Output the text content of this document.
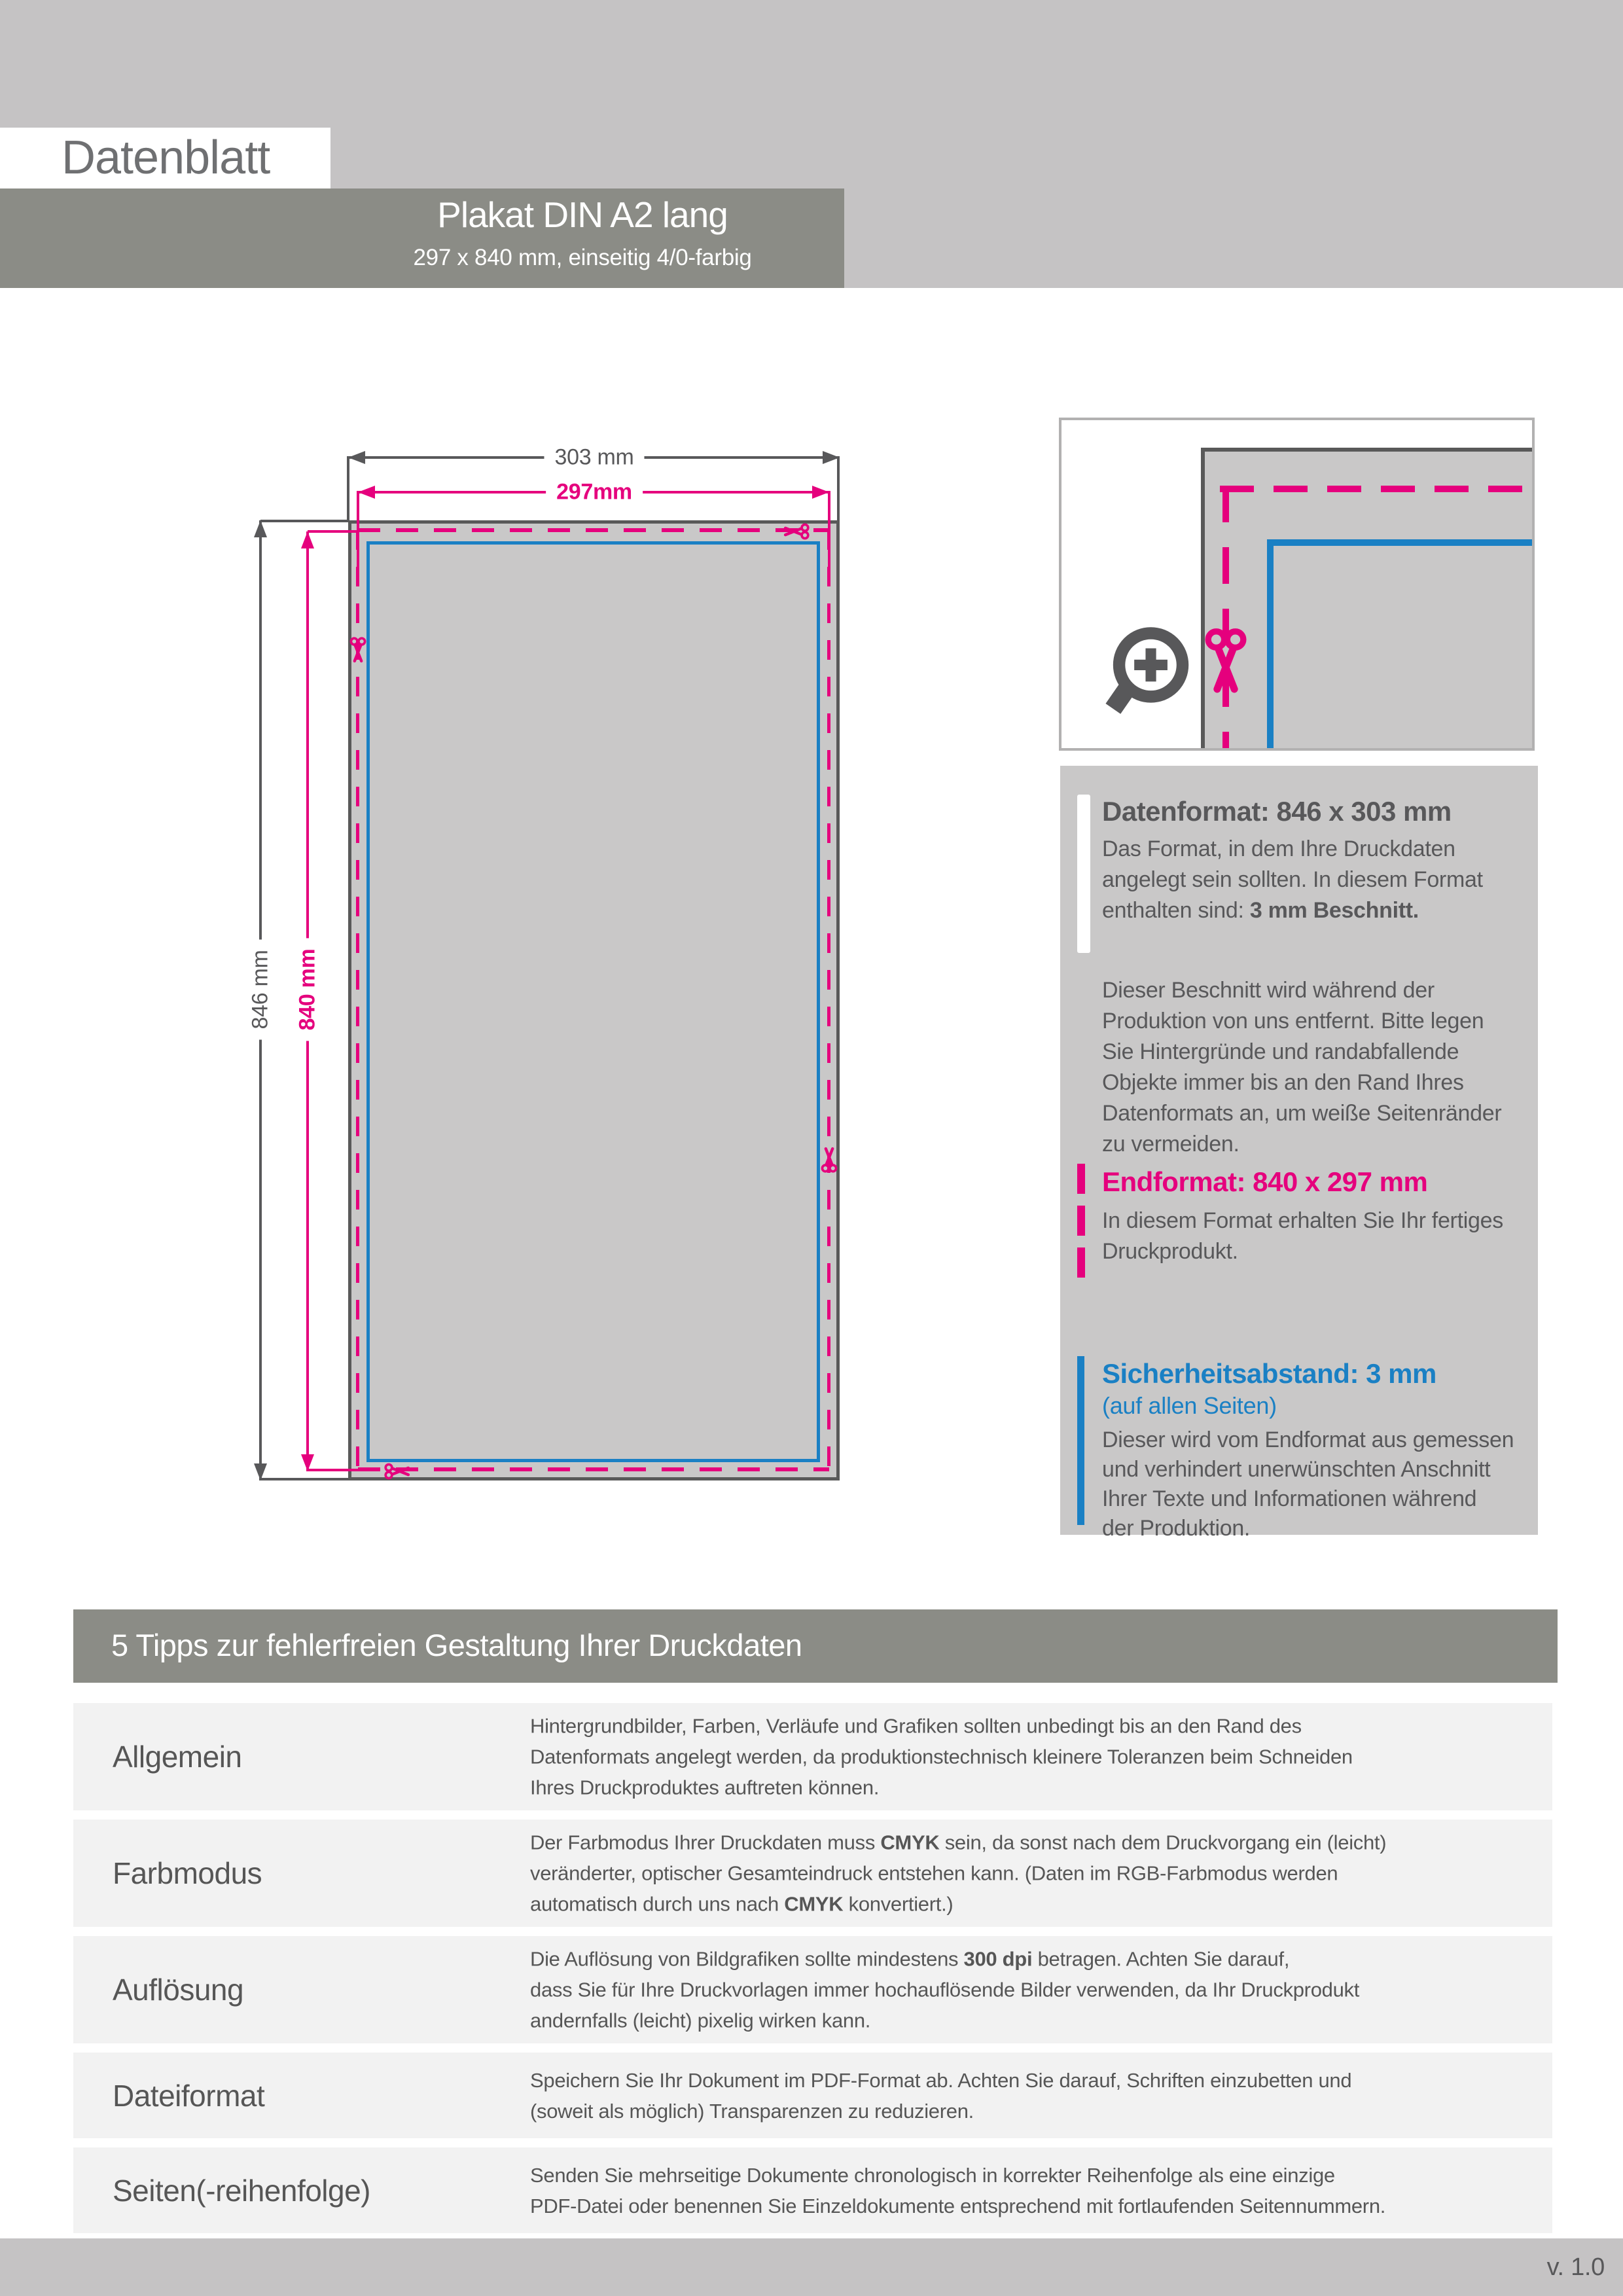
Datenblatt
Plakat DIN A2 lang
297 x 840 mm, einseitig 4/0-farbig
303 mm
297mm
846 mm 840 mm
Datenformat: 846 x 303 mm
Das Format, in dem Ihre Druckdaten
angelegt sein sollten. In diesem Format
enthalten sind: 3 mm Beschnitt.
Dieser Beschnitt wird während der
Produktion von uns entfernt. Bitte legen
Sie Hintergründe und randabfallende
Objekte immer bis an den Rand Ihres
Datenformats an, um weiße Seitenränder
zu vermeiden.
Endformat: 840 x 297 mm
In diesem Format erhalten Sie Ihr fertiges
Druckprodukt.
Sicherheitsabstand: 3 mm
(auf allen Seiten)
Dieser wird vom Endformat aus gemessen
und verhindert unerwünschten Anschnitt
Ihrer Texte und Informationen während
der Produktion.
5 Tipps zur fehlerfreien Gestaltung Ihrer Druckdaten
Allgemein
Hintergrundbilder, Farben, Verläufe und Grafiken sollten unbedingt bis an den Rand des
Datenformats angelegt werden, da produktionstechnisch kleinere Toleranzen beim Schneiden
Ihres Druckproduktes auftreten können.
Farbmodus
Der Farbmodus Ihrer Druckdaten muss CMYK sein, da sonst nach dem Druckvorgang ein (leicht)
veränderter, optischer Gesamteindruck entstehen kann. (Daten im RGB-Farbmodus werden
automatisch durch uns nach CMYK konvertiert.)
Auflösung
Die Auflösung von Bildgrafiken sollte mindestens 300 dpi betragen. Achten Sie darauf,
dass Sie für Ihre Druckvorlagen immer hochauflösende Bilder verwenden, da Ihr Druckprodukt
andernfalls (leicht) pixelig wirken kann.
Dateiformat	Speichern Sie Ihr Dokument im PDF-Format ab. Achten Sie darauf, Schriften einzubetten und
(soweit als möglich) Transparenzen zu reduzieren.
Seiten(-reihenfolge)	Senden Sie mehrseitige Dokumente chronologisch in korrekter Reihenfolge als eine einzige
PDF-Datei oder benennen Sie Einzeldokumente entsprechend mit fortlaufenden Seitennummern.
v. 1.0
